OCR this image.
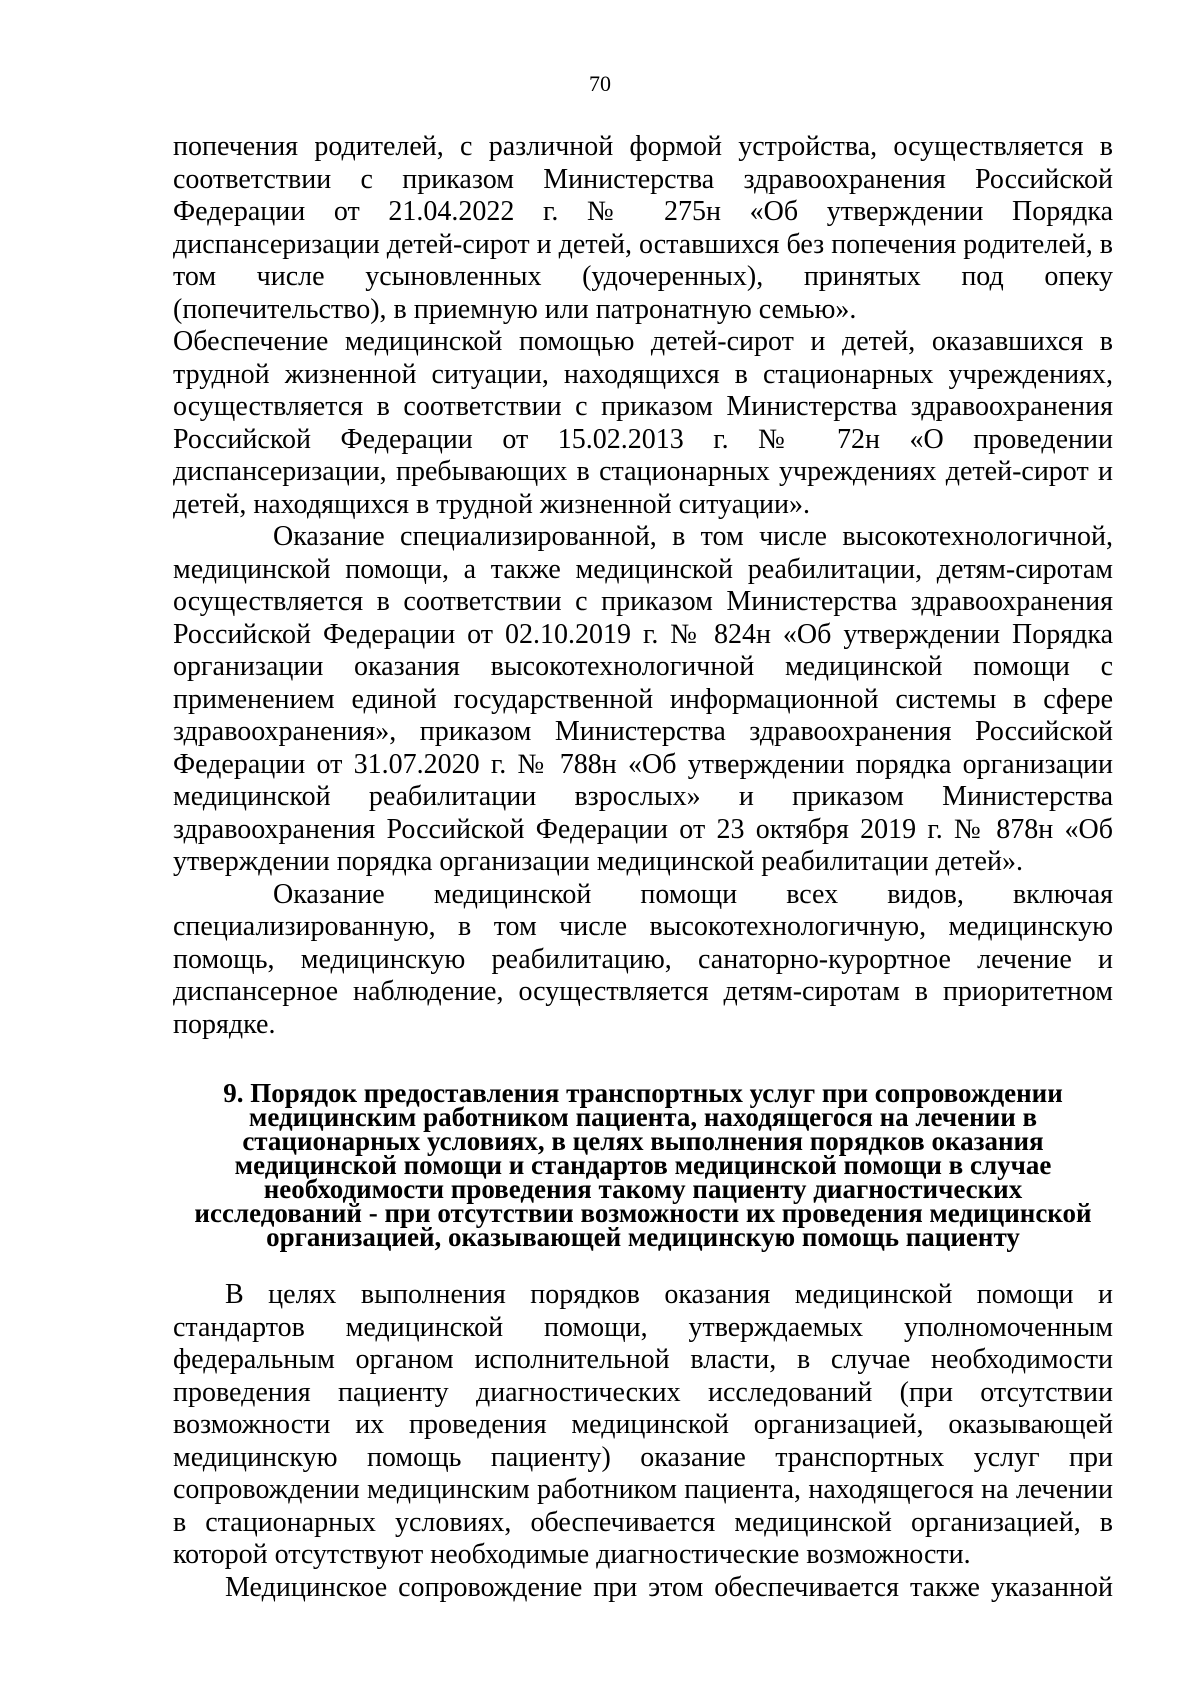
70

попечения родителей, с различной формой устройства, осуществляется в соответствии с приказом Министерства здравоохранения Российской Федерации от 21.04.2022 г. № 275н «Об утверждении Порядка диспансеризации детей-сирот и детей, оставшихся без попечения родителей, в том числе усыновленных (удочеренных), принятых под опеку (попечительство), в приемную или патронатную семью».

Обеспечение медицинской помощью детей-сирот и детей, оказавшихся в трудной жизненной ситуации, находящихся в стационарных учреждениях, осуществляется в соответствии с приказом Министерства здравоохранения Российской Федерации от 15.02.2013 г. № 72н «О проведении диспансеризации, пребывающих в стационарных учреждениях детей-сирот и детей, находящихся в трудной жизненной ситуации».

Оказание специализированной, в том числе высокотехнологичной, медицинской помощи, а также медицинской реабилитации, детям-сиротам осуществляется в соответствии с приказом Министерства здравоохранения Российской Федерации от 02.10.2019 г. № 824н «Об утверждении Порядка организации оказания высокотехнологичной медицинской помощи с применением единой государственной информационной системы в сфере здравоохранения», приказом Министерства здравоохранения Российской Федерации от 31.07.2020 г. № 788н «Об утверждении порядка организации медицинской реабилитации взрослых» и приказом Министерства здравоохранения Российской Федерации от 23 октября 2019 г. № 878н «Об утверждении порядка организации медицинской реабилитации детей».

Оказание медицинской помощи всех видов, включая специализированную, в том числе высокотехнологичную, медицинскую помощь, медицинскую реабилитацию, санаторно-курортное лечение и диспансерное наблюдение, осуществляется детям-сиротам в приоритетном порядке.

9. Порядок предоставления транспортных услуг при сопровождении
медицинским работником пациента, находящегося на лечении в
стационарных условиях, в целях выполнения порядков оказания
медицинской помощи и стандартов медицинской помощи в случае
необходимости проведения такому пациенту диагностических
исследований - при отсутствии возможности их проведения медицинской
организацией, оказывающей медицинскую помощь пациенту

В целях выполнения порядков оказания медицинской помощи и стандартов медицинской помощи, утверждаемых уполномоченным федеральным органом исполнительной власти, в случае необходимости проведения пациенту диагностических исследований (при отсутствии возможности их проведения медицинской организацией, оказывающей медицинскую помощь пациенту) оказание транспортных услуг при сопровождении медицинским работником пациента, находящегося на лечении в стационарных условиях, обеспечивается медицинской организацией, в которой отсутствуют необходимые диагностические возможности.
Медицинское сопровождение при этом обеспечивается также указанной
